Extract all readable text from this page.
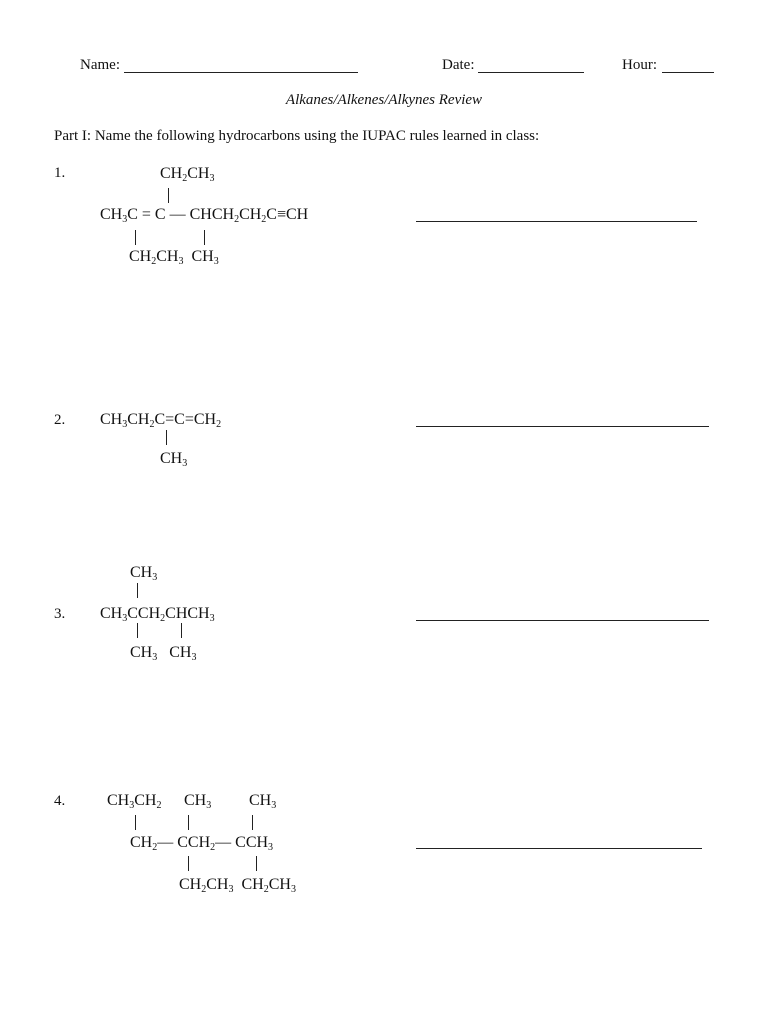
Name:	Date:	Hour:
Alkanes/Alkenes/Alkynes Review
Part I: Name the following hydrocarbons using the IUPAC rules learned in class:
1.	$CH_2CH_3$
$CH_3C = C$ — $CHCH_2CH_2C\equiv CH$
$CH_2CH_3$  $CH_3$
2. $CH_3CH_2C=C=CH_2$
$CH_3$
3.
$CH_3$
$CH_3CCH_2CHCH_3$
$CH_3$   $CH_3$
4.	$CH_3CH_2$ $CH_3$ $CH_3$
$CH_2—$ $CCH_2—$ $CCH_3$
$CH_2CH_3$  $CH_2CH_3$
